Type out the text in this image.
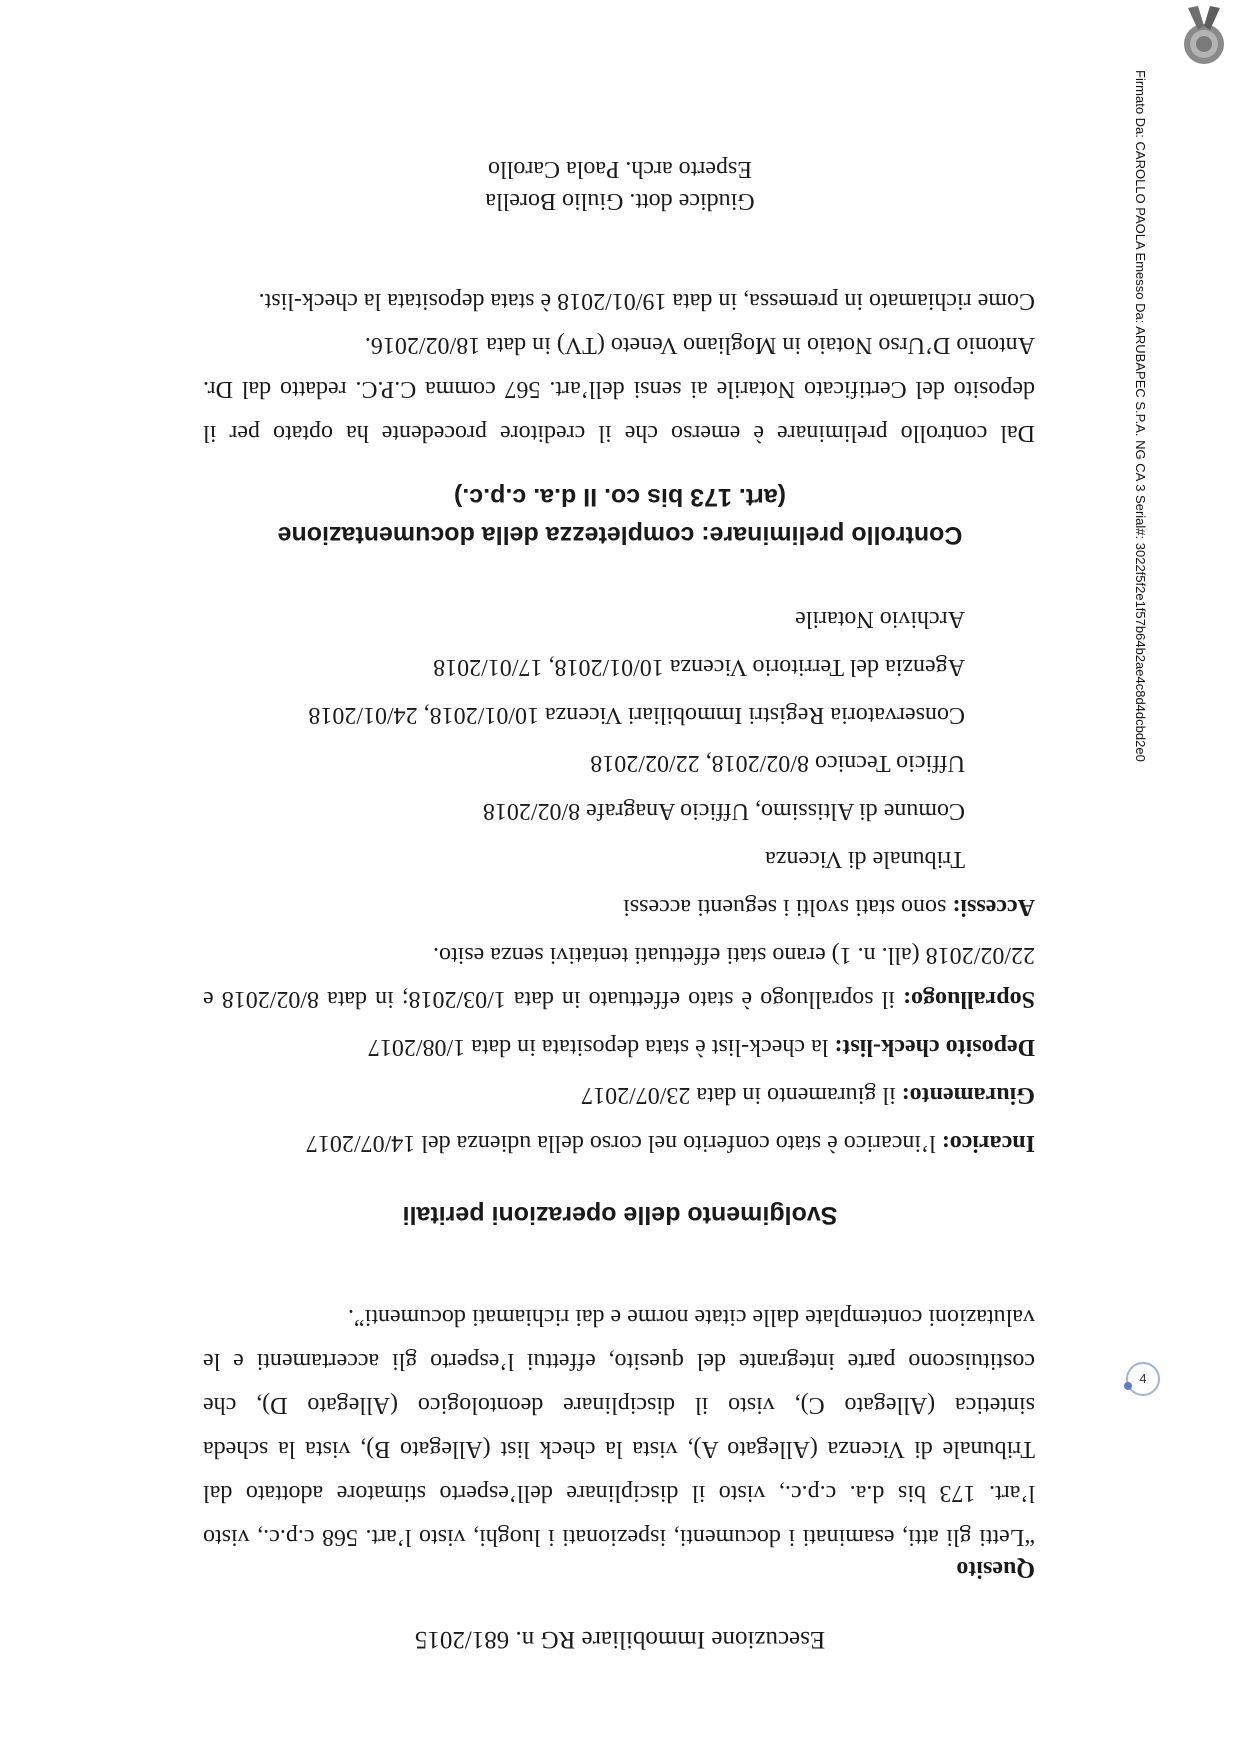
Esecuzione Immobiliare RG n. 681/2015
Quesito
“Letti gli atti, esaminati i documenti, ispezionati i luoghi, visto l’art. 568 c.p.c., visto
l’art. 173 bis d.a. c.p.c., visto il disciplinare dell’esperto stimatore adottato dal
Tribunale di Vicenza (Allegato A), vista la check list (Allegato B), vista la scheda
sintetica (Allegato C), visto il disciplinare deontologico (Allegato D), che
costituiscono parte integrante del quesito, effettui l’esperto gli accertamenti e le
valutazioni contemplate dalle citate norme e dai richiamati documenti”.
Svolgimento delle operazioni peritali
Incarico: l’incarico è stato conferito nel corso della udienza del 14/07/2017
Giuramento: il giuramento in data 23/07/2017
Deposito check-list: la check-list è stata depositata in data 1/08/2017
Sopralluogo: il sopralluogo è stato effettuato in data 1/03/2018; in data 8/02/2018 e
22/02/2018 (all. n. 1) erano stati effettuati tentativi senza esito.
Accessi: sono stati svolti i seguenti accessi
Tribunale di Vicenza
Comune di Altissimo, Ufficio Anagrafe 8/02/2018
Ufficio Tecnico 8/02/2018, 22/02/2018
Conservatoria Registri Immobiliari Vicenza 10/01/2018, 24/01/2018
Agenzia del Territorio Vicenza 10/01/2018, 17/01/2018
Archivio Notarile
Controllo preliminare: completezza della documentazione
(art. 173 bis co. II d.a. c.p.c.)
Dal controllo preliminare è emerso che il creditore procedente ha optato per il
deposito del Certificato Notarile ai sensi dell’art. 567 comma C.P.C. redatto dal Dr.
Antonio D’Urso Notaio in Mogliano Veneto (TV) in data 18/02/2016.
Come richiamato in premessa, in data 19/01/2018 è stata depositata la check-list.
Giudice dott. Giulio Borella
Esperto arch. Paola Carollo	Firmato Da: CAROLLO PAOLA Emesso Da: ARUBAPEC S.P.A. NG CA 3 Serial#: 3022f5f2e1f57b64b2ae4c8d4dcbd2e0
4
